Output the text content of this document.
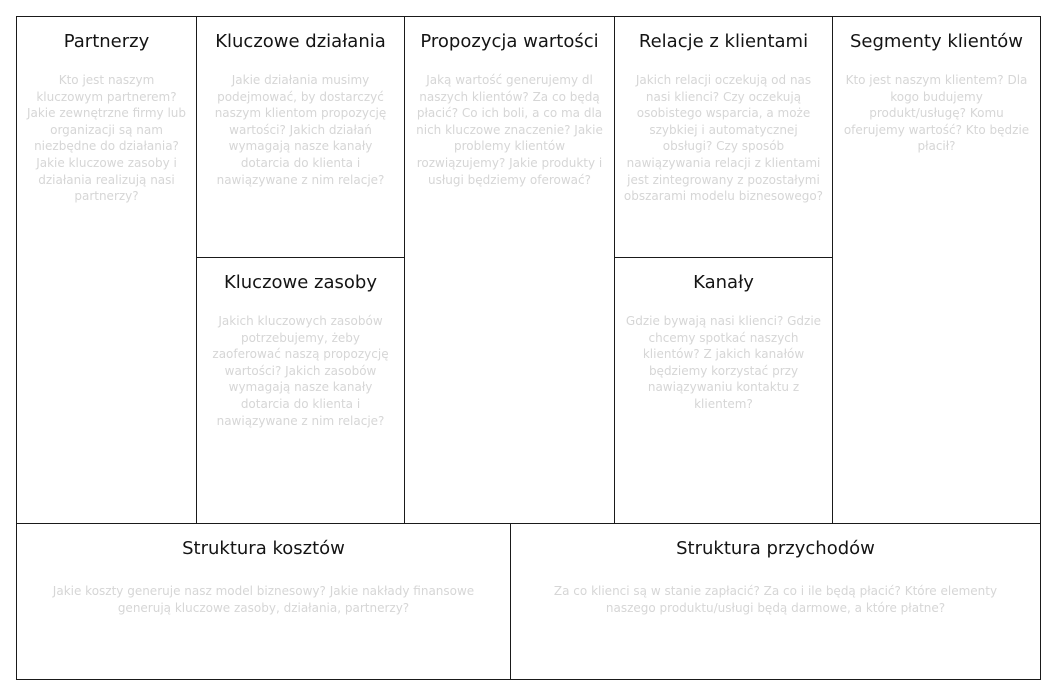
Partnerzy
Kto jest naszym kluczowym partnerem? Jakie zewnętrzne firmy lub organizacji są nam niezbędne do działania? Jakie kluczowe zasoby i działania realizują nasi partnerzy?
Kluczowe działania
Jakie działania musimy podejmować, by dostarczyć naszym klientom propozycję wartości? Jakich działań wymagają nasze kanały dotarcia do klienta i nawiązywane z nim relacje?
Kluczowe zasoby
Jakich kluczowych zasobów potrzebujemy, żeby zaoferować naszą propozycję wartości? Jakich zasobów wymagają nasze kanały dotarcia do klienta i nawiązywane z nim relacje?
Propozycja wartości
Jaką wartość generujemy dl naszych klientów? Za co będą płacić? Co ich boli, a co ma dla nich kluczowe znaczenie? Jakie problemy klientów rozwiązujemy? Jakie produkty i usługi będziemy oferować?
Relacje z klientami
Jakich relacji oczekują od nas nasi klienci? Czy oczekują osobistego wsparcia, a może szybkiej i automatycznej obsługi? Czy sposób nawiązywania relacji z klientami jest zintegrowany z pozostałymi obszarami modelu biznesowego?
Kanały
Gdzie bywają nasi klienci? Gdzie chcemy spotkać naszych klientów? Z jakich kanałów będziemy korzystać przy nawiązywaniu kontaktu z klientem?
Segmenty klientów
Kto jest naszym klientem? Dla kogo budujemy produkt/usługę? Komu oferujemy wartość? Kto będzie płacił?
Struktura kosztów
Jakie koszty generuje nasz model biznesowy? Jakie nakłady finansowe generują kluczowe zasoby, działania, partnerzy?
Struktura przychodów
Za co klienci są w stanie zapłacić? Za co i ile będą płacić? Które elementy naszego produktu/usługi będą darmowe, a które płatne?
